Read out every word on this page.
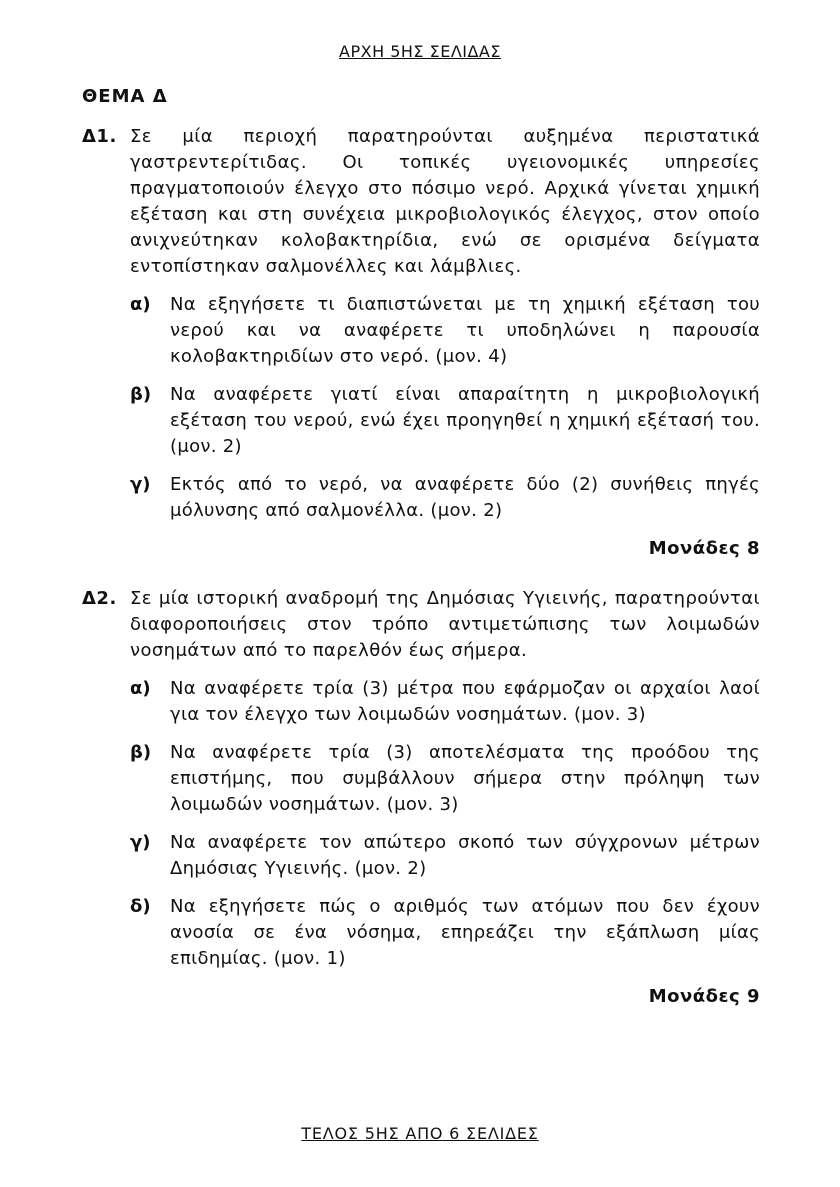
ΑΡΧΗ 5ΗΣ ΣΕΛΙΔΑΣ
ΘΕΜΑ Δ
Δ1. Σε μία περιοχή παρατηρούνται αυξημένα περιστατικά γαστρεντερίτιδας. Οι τοπικές υγειονομικές υπηρεσίες πραγματοποιούν έλεγχο στο πόσιμο νερό. Αρχικά γίνεται χημική εξέταση και στη συνέχεια μικροβιολογικός έλεγχος, στον οποίο ανιχνεύτηκαν κολοβακτηρίδια, ενώ σε ορισμένα δείγματα εντοπίστηκαν σαλμονέλλες και λάμβλιες.
α)	Να εξηγήσετε τι διαπιστώνεται με τη χημική εξέταση του νερού και να αναφέρετε τι υποδηλώνει η παρουσία κολοβακτηριδίων στο νερό. (μον. 4)
β)	Να αναφέρετε γιατί είναι απαραίτητη η μικροβιολογική εξέταση του νερού, ενώ έχει προηγηθεί η χημική εξέτασή του. (μον. 2)
γ)	Εκτός από το νερό, να αναφέρετε δύο (2) συνήθεις πηγές μόλυνσης από σαλμονέλλα. (μον. 2)
Μονάδες 8
Δ2. Σε μία ιστορική αναδρομή της Δημόσιας Υγιεινής, παρατηρούνται διαφοροποιήσεις στον τρόπο αντιμετώπισης των λοιμωδών νοσημάτων από το παρελθόν έως σήμερα.
α)	Να αναφέρετε τρία (3) μέτρα που εφάρμοζαν οι αρχαίοι λαοί για τον έλεγχο των λοιμωδών νοσημάτων. (μον. 3)
β)	Να αναφέρετε τρία (3) αποτελέσματα της προόδου της επιστήμης, που συμβάλλουν σήμερα στην πρόληψη των λοιμωδών νοσημάτων. (μον. 3)
γ)	Να αναφέρετε τον απώτερο σκοπό των σύγχρονων μέτρων Δημόσιας Υγιεινής. (μον. 2)
δ)	Να εξηγήσετε πώς ο αριθμός των ατόμων που δεν έχουν ανοσία σε ένα νόσημα, επηρεάζει την εξάπλωση μίας επιδημίας. (μον. 1)
Μονάδες 9
ΤΕΛΟΣ 5ΗΣ ΑΠΟ 6 ΣΕΛΙΔΕΣ
